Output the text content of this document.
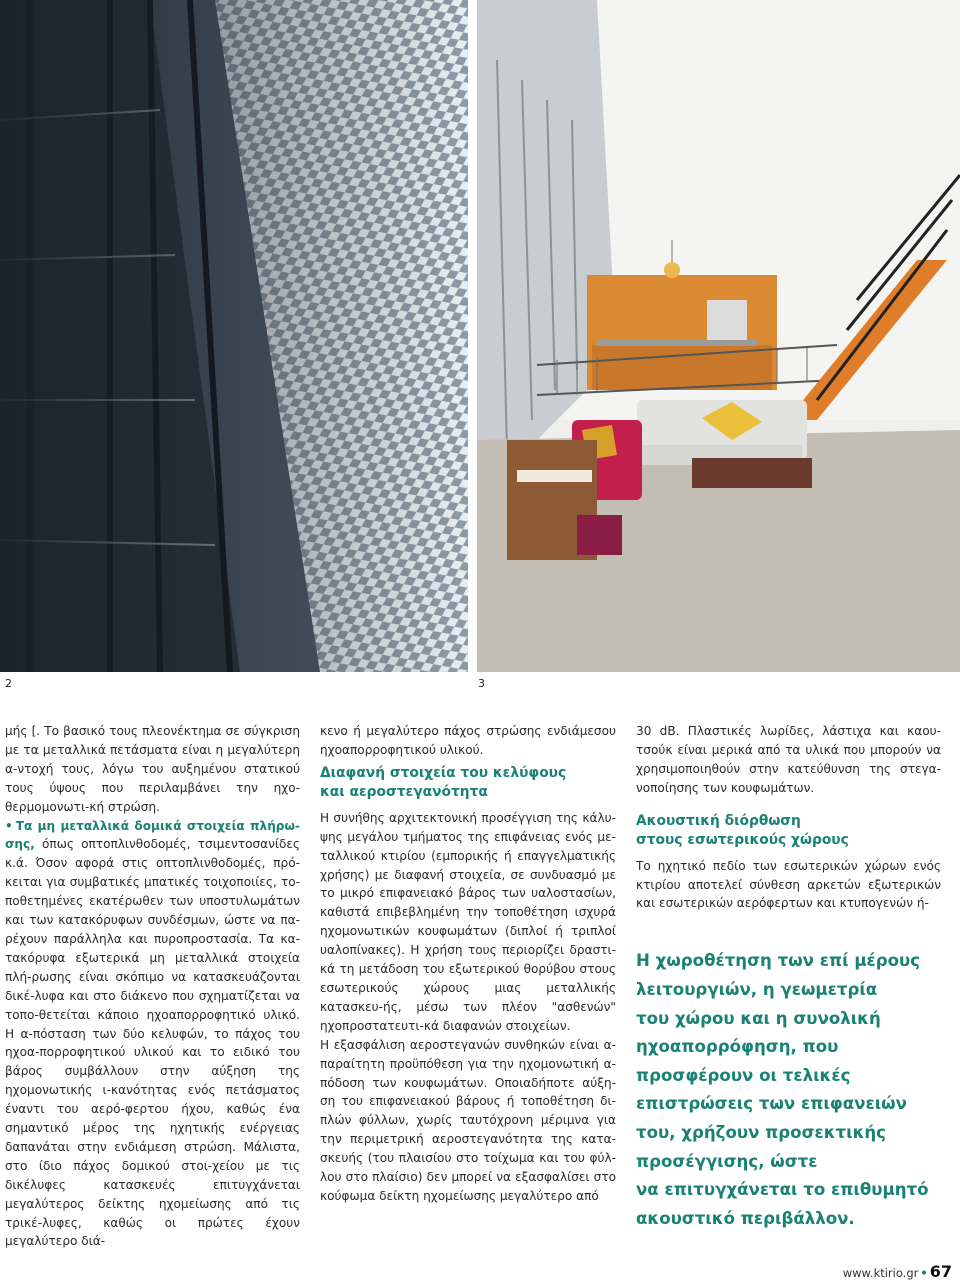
2	3

μής [. Το βασικό τους πλεονέκτημα σε σύγκριση με τα μεταλλικά πετάσματα είναι η μεγαλύτερη α-ντοχή τους, λόγω του αυξημένου στατικού τους ύψους που περιλαμβάνει την ηχο-θερμομονωτι-κή στρώση.

• Τα μη μεταλλικά δομικά στοιχεία πλήρω-σης, όπως οπτοπλινθοδομές, τσιμεντοσανίδες κ.ά. Όσον αφορά στις οπτοπλινθοδομές, πρό-κειται για συμβατικές μπατικές τοιχοποιίες, το-ποθετημένες εκατέρωθεν των υποστυλωμάτων και των κατακόρυφων συνδέσμων, ώστε να πα-ρέχουν παράλληλα και πυροπροστασία. Τα κα-τακόρυφα εξωτερικά μη μεταλλικά στοιχεία πλή-ρωσης είναι σκόπιμο να κατασκευάζονται δικέ-λυφα και στο διάκενο που σχηματίζεται να τοπο-θετείται κάποιο ηχοαπορροφητικό υλικό. Η α-πόσταση των δύο κελυφών, το πάχος του ηχοα-πορροφητικού υλικού και το ειδικό του βάρος συμβάλλουν στην αύξηση της ηχομονωτικής ι-κανότητας ενός πετάσματος έναντι του αερό-φερτου ήχου, καθώς ένα σημαντικό μέρος της ηχητικής ενέργειας δαπανάται στην ενδιάμεση στρώση. Μάλιστα, στο ίδιο πάχος δομικού στοι-χείου με τις δικέλυφες κατασκευές επιτυγχάνεται μεγαλύτερος δείκτης ηχομείωσης από τις τρικέ-λυφες, καθώς οι πρώτες έχουν μεγαλύτερο διά-

κενο ή μεγαλύτερο πάχος στρώσης ενδιάμεσου ηχοαπορροφητικού υλικού.

Διαφανή στοιχεία του κελύφους
και αεροστεγανότητα

Η συνήθης αρχιτεκτονική προσέγγιση της κάλυ-ψης μεγάλου τμήματος της επιφάνειας ενός με-ταλλικού κτιρίου (εμπορικής ή επαγγελματικής χρήσης) με διαφανή στοιχεία, σε συνδυασμό με το μικρό επιφανειακό βάρος των υαλοστασίων, καθιστά επιβεβλημένη την τοποθέτηση ισχυρά ηχομονωτικών κουφωμάτων (διπλοί ή τριπλοί υαλοπίνακες). Η χρήση τους περιορίζει δραστι-κά τη μετάδοση του εξωτερικού θορύβου στους εσωτερικούς χώρους μιας μεταλλικής κατασκευ-ής, μέσω των πλέον "ασθενών" ηχοπροστατευτι-κά διαφανών στοιχείων.

Η εξασφάλιση αεροστεγανών συνθηκών είναι α-παραίτητη προϋπόθεση για την ηχομονωτική α-πόδοση των κουφωμάτων. Οποιαδήποτε αύξη-ση του επιφανειακού βάρους ή τοποθέτηση δι-πλών φύλλων, χωρίς ταυτόχρονη μέριμνα για την περιμετρική αεροστεγανότητα της κατα-σκευής (του πλαισίου στο τοίχωμα και του φύλ-λου στο πλαίσιο) δεν μπορεί να εξασφαλίσει στο κούφωμα δείκτη ηχομείωσης μεγαλύτερο από

30 dB. Πλαστικές λωρίδες, λάστιχα και καου-τσούκ είναι μερικά από τα υλικά που μπορούν να χρησιμοποιηθούν στην κατεύθυνση της στεγα-νοποίησης των κουφωμάτων.

Ακουστική διόρθωση
στους εσωτερικούς χώρους

Το ηχητικό πεδίο των εσωτερικών χώρων ενός κτιρίου αποτελεί σύνθεση αρκετών εξωτερικών και εσωτερικών αερόφερτων και κτυπογενών ή-

Η χωροθέτηση των επί μέρους
λειτουργιών, η γεωμετρία
του χώρου και η συνολική
ηχοαπορρόφηση, που
προσφέρουν οι τελικές
επιστρώσεις των επιφανειών
του, χρήζουν προσεκτικής
προσέγγισης, ώστε
να επιτυγχάνεται το επιθυμητό
ακουστικό περιβάλλον.
www.ktirio.gr • 67
